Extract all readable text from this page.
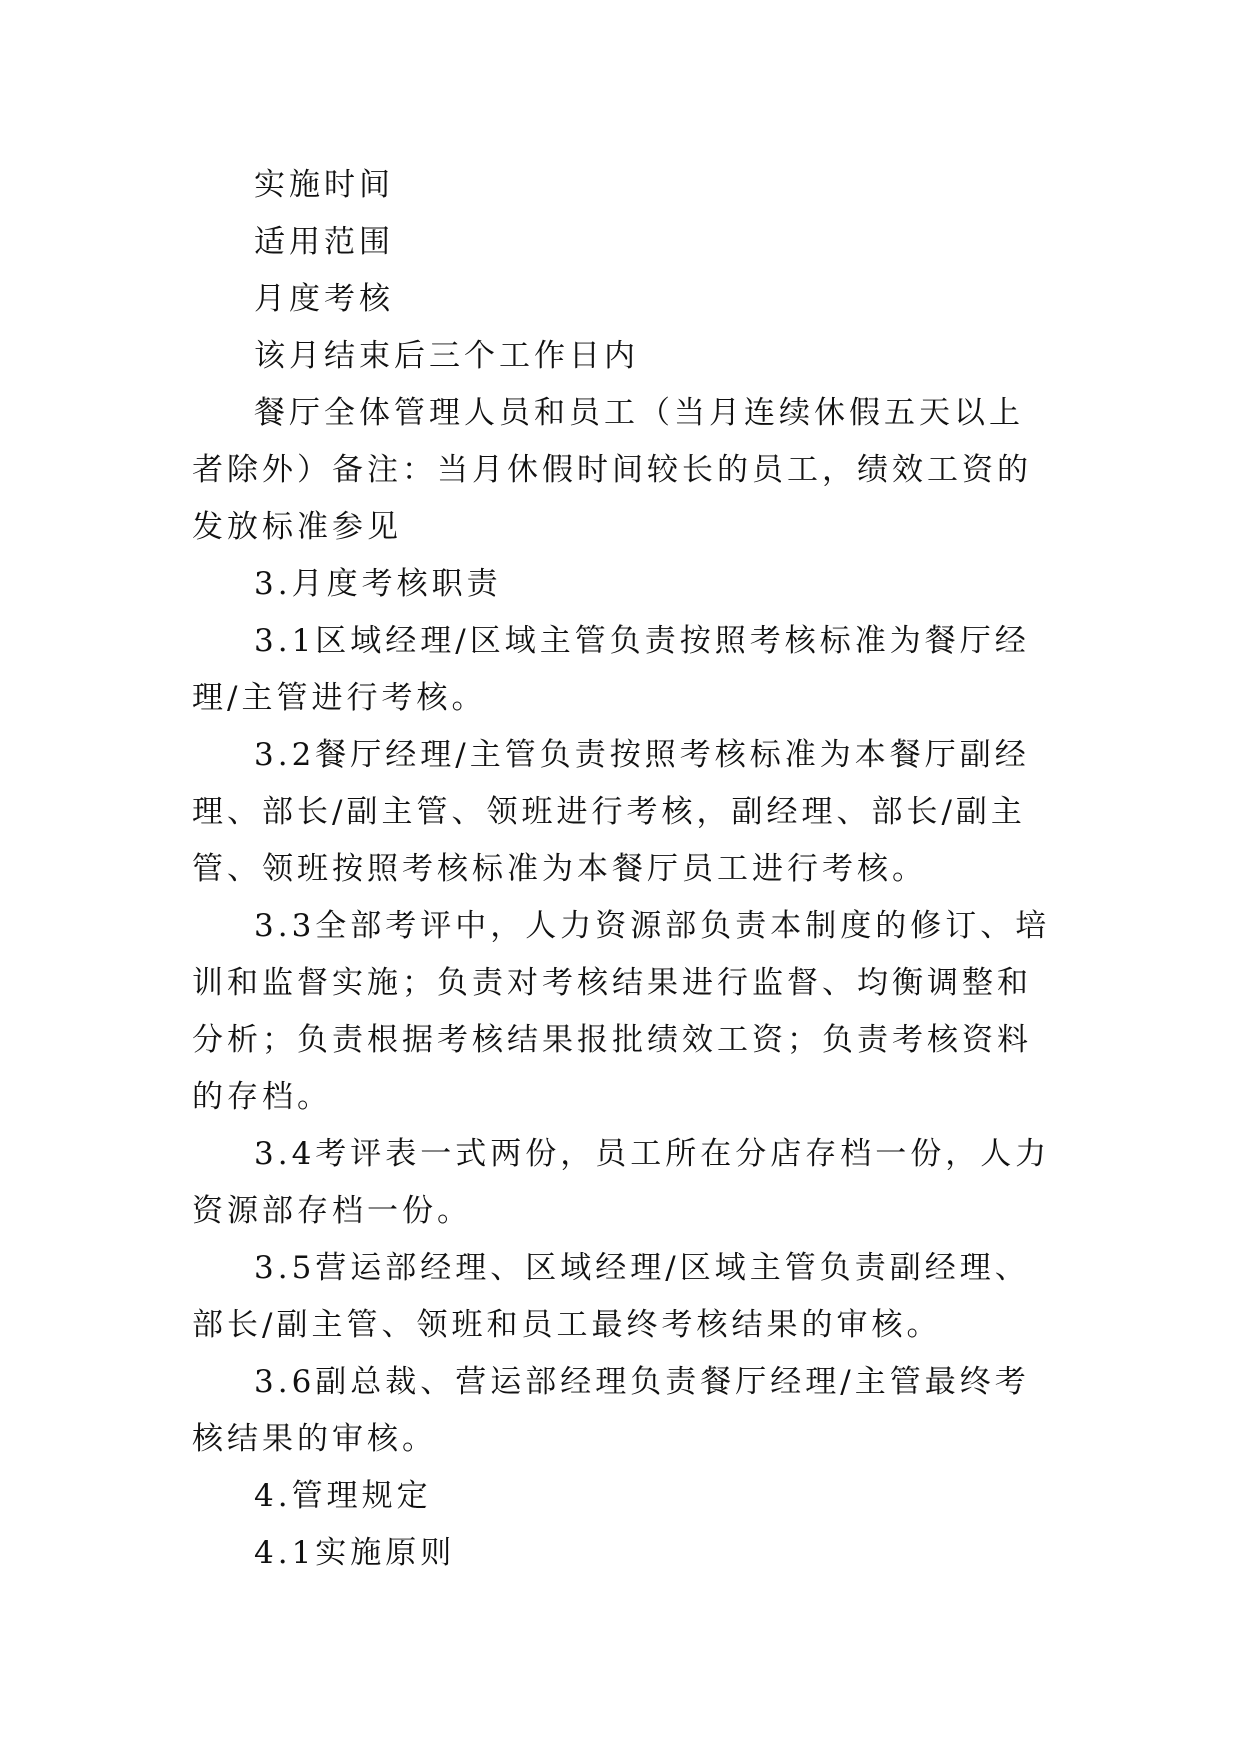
实施时间

适用范围

月度考核

该月结束后三个工作日内

餐厅全体管理人员和员工（当月连续休假五天以上者除外）备注：当月休假时间较长的员工，绩效工资的发放标准参见

3.月度考核职责

3.1区域经理/区域主管负责按照考核标准为餐厅经理/主管进行考核。

3.2餐厅经理/主管负责按照考核标准为本餐厅副经理、部长/副主管、领班进行考核，副经理、部长/副主管、领班按照考核标准为本餐厅员工进行考核。

3.3全部考评中，人力资源部负责本制度的修订、培训和监督实施；负责对考核结果进行监督、均衡调整和分析；负责根据考核结果报批绩效工资；负责考核资料的存档。

3.4考评表一式两份，员工所在分店存档一份，人力资源部存档一份。

3.5营运部经理、区域经理/区域主管负责副经理、部长/副主管、领班和员工最终考核结果的审核。

3.6副总裁、营运部经理负责餐厅经理/主管最终考核结果的审核。

4.管理规定

4.1实施原则
